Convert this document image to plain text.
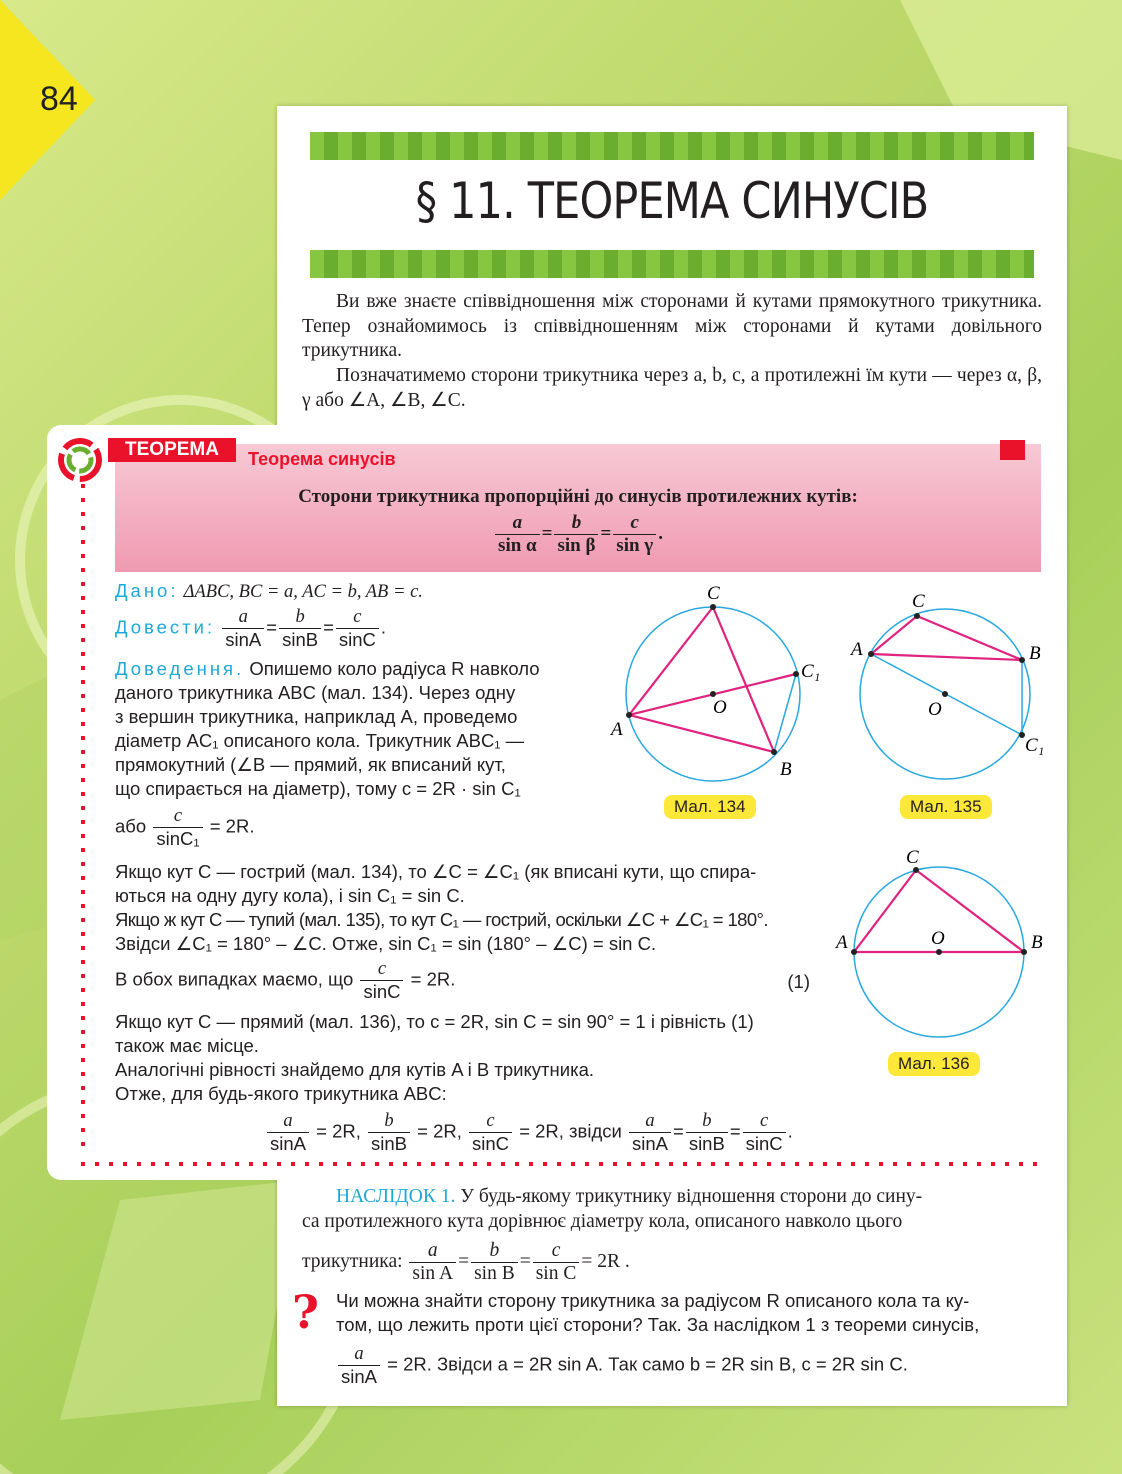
84
§ 11. ТЕОРЕМА СИНУСІВ
Ви вже знаєте співвідношення між сторонами й кутами прямокутного трикутника. Тепер ознайомимось із співвідношенням між сторонами й кутами довільного трикутника.
Позначатимемо сторони трикутника через a, b, c, а протилежні їм кути — через α, β, γ або ∠A, ∠B, ∠C.
ТЕОРЕМА	Теорема синусів
Сторони трикутника пропорційні до синусів протилежних кутів:
$\frac{a}{\text{sin α}} = \frac{b}{\text{sin β}} = \frac{c}{\text{sin γ}}$ .
Дано: ΔABC, BC = a, AC = b, AB = c.
Довести: $\frac{a}{\sin A} = \frac{b}{\sin B} = \frac{c}{\sin C}$ .
Доведення. Опишемо коло радіуса R навколо
даного трикутника ABC (мал. 134). Через одну
з вершин трикутника, наприклад A, проведемо
діаметр AC₁ описаного кола. Трикутник ABC₁ —
прямокутний (∠B — прямий, як вписаний кут,
що спирається на діаметр), тому c = 2R · sin C₁
або $\frac{c}{\text{sinC₁}} = 2R$.
Якщо кут C — гострий (мал. 134), то ∠C = ∠C₁ (як вписані кути, що спира-
ються на одну дугу кола), і sin C₁ = sin C.
Якщо ж кут C — тупий (мал. 135), то кут C₁ — гострий, оскільки ∠C + ∠C₁ = 180°.
Звідси ∠C₁ = 180° – ∠C. Отже, sin C₁ = sin (180° – ∠C) = sin C.
В обох випадках маємо, що $\frac{c}{\sin C} = 2R$.	(1)
Якщо кут C — прямий (мал. 136), то c = 2R, sin C = sin 90° = 1 і рівність (1)
також має місце.
Аналогічні рівності знайдемо для кутів A і B трикутника.
Отже, для будь-якого трикутника ABC:
$\frac{a}{\sin A} = 2R$, $\frac{b}{\sin B} = 2R$, $\frac{c}{\sin C} = 2R$, звідси $\frac{a}{\sin A} = \frac{b}{\sin B} = \frac{c}{\sin C}$ .
A
C
B
C₁
O
Мал. 134
A
C
B
C₁
O
Мал. 135
A
C
B
O
Мал. 136
НАСЛІДОК 1. У будь-якому трикутнику відношення сторони до сину-
са протилежного кута дорівнює діаметру кола, описаного навколо цього
трикутника: $\frac{a}{\text{sin A}} = \frac{b}{\text{sin B}} = \frac{c}{\text{sin C}} = 2R$ .
? Чи можна знайти сторону трикутника за радіусом R описаного кола та ку-
том, що лежить проти цієї сторони? Так. За наслідком 1 з теореми синусів,
$\frac{a}{\sin A} = 2R$. Звідси a = 2R sin A. Так само b = 2R sin B, c = 2R sin C.
